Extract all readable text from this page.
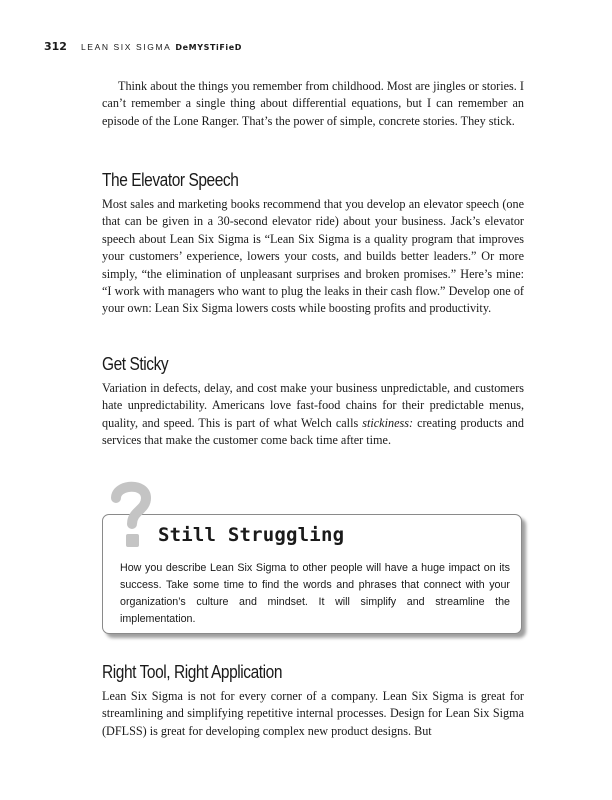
312 LEAN SIX SIGMA DeMYSTiFieD

Think about the things you remember from childhood. Most are jingles or stories. I can’t remember a single thing about differential equations, but I can remember an episode of the Lone Ranger. That’s the power of simple, concrete stories. They stick.

The Elevator Speech

Most sales and marketing books recommend that you develop an elevator speech (one that can be given in a 30-second elevator ride) about your business. Jack’s elevator speech about Lean Six Sigma is “Lean Six Sigma is a quality program that improves your customers’ experience, lowers your costs, and builds better leaders.” Or more simply, “the elimination of unpleasant surprises and broken promises.” Here’s mine: “I work with managers who want to plug the leaks in their cash flow.” Develop one of your own: Lean Six Sigma lowers costs while boosting profits and productivity.

Get Sticky

Variation in defects, delay, and cost make your business unpredictable, and customers hate unpredictability. Americans love fast-food chains for their predictable menus, quality, and speed. This is part of what Welch calls stickiness: creating products and services that make the customer come back time after time.

Still Struggling

How you describe Lean Six Sigma to other people will have a huge impact on its success. Take some time to find the words and phrases that connect with your organization’s culture and mindset. It will simplify and streamline the implementation.

Right Tool, Right Application

Lean Six Sigma is not for every corner of a company. Lean Six Sigma is great for streamlining and simplifying repetitive internal processes. Design for Lean Six Sigma (DFLSS) is great for developing complex new product designs. But
